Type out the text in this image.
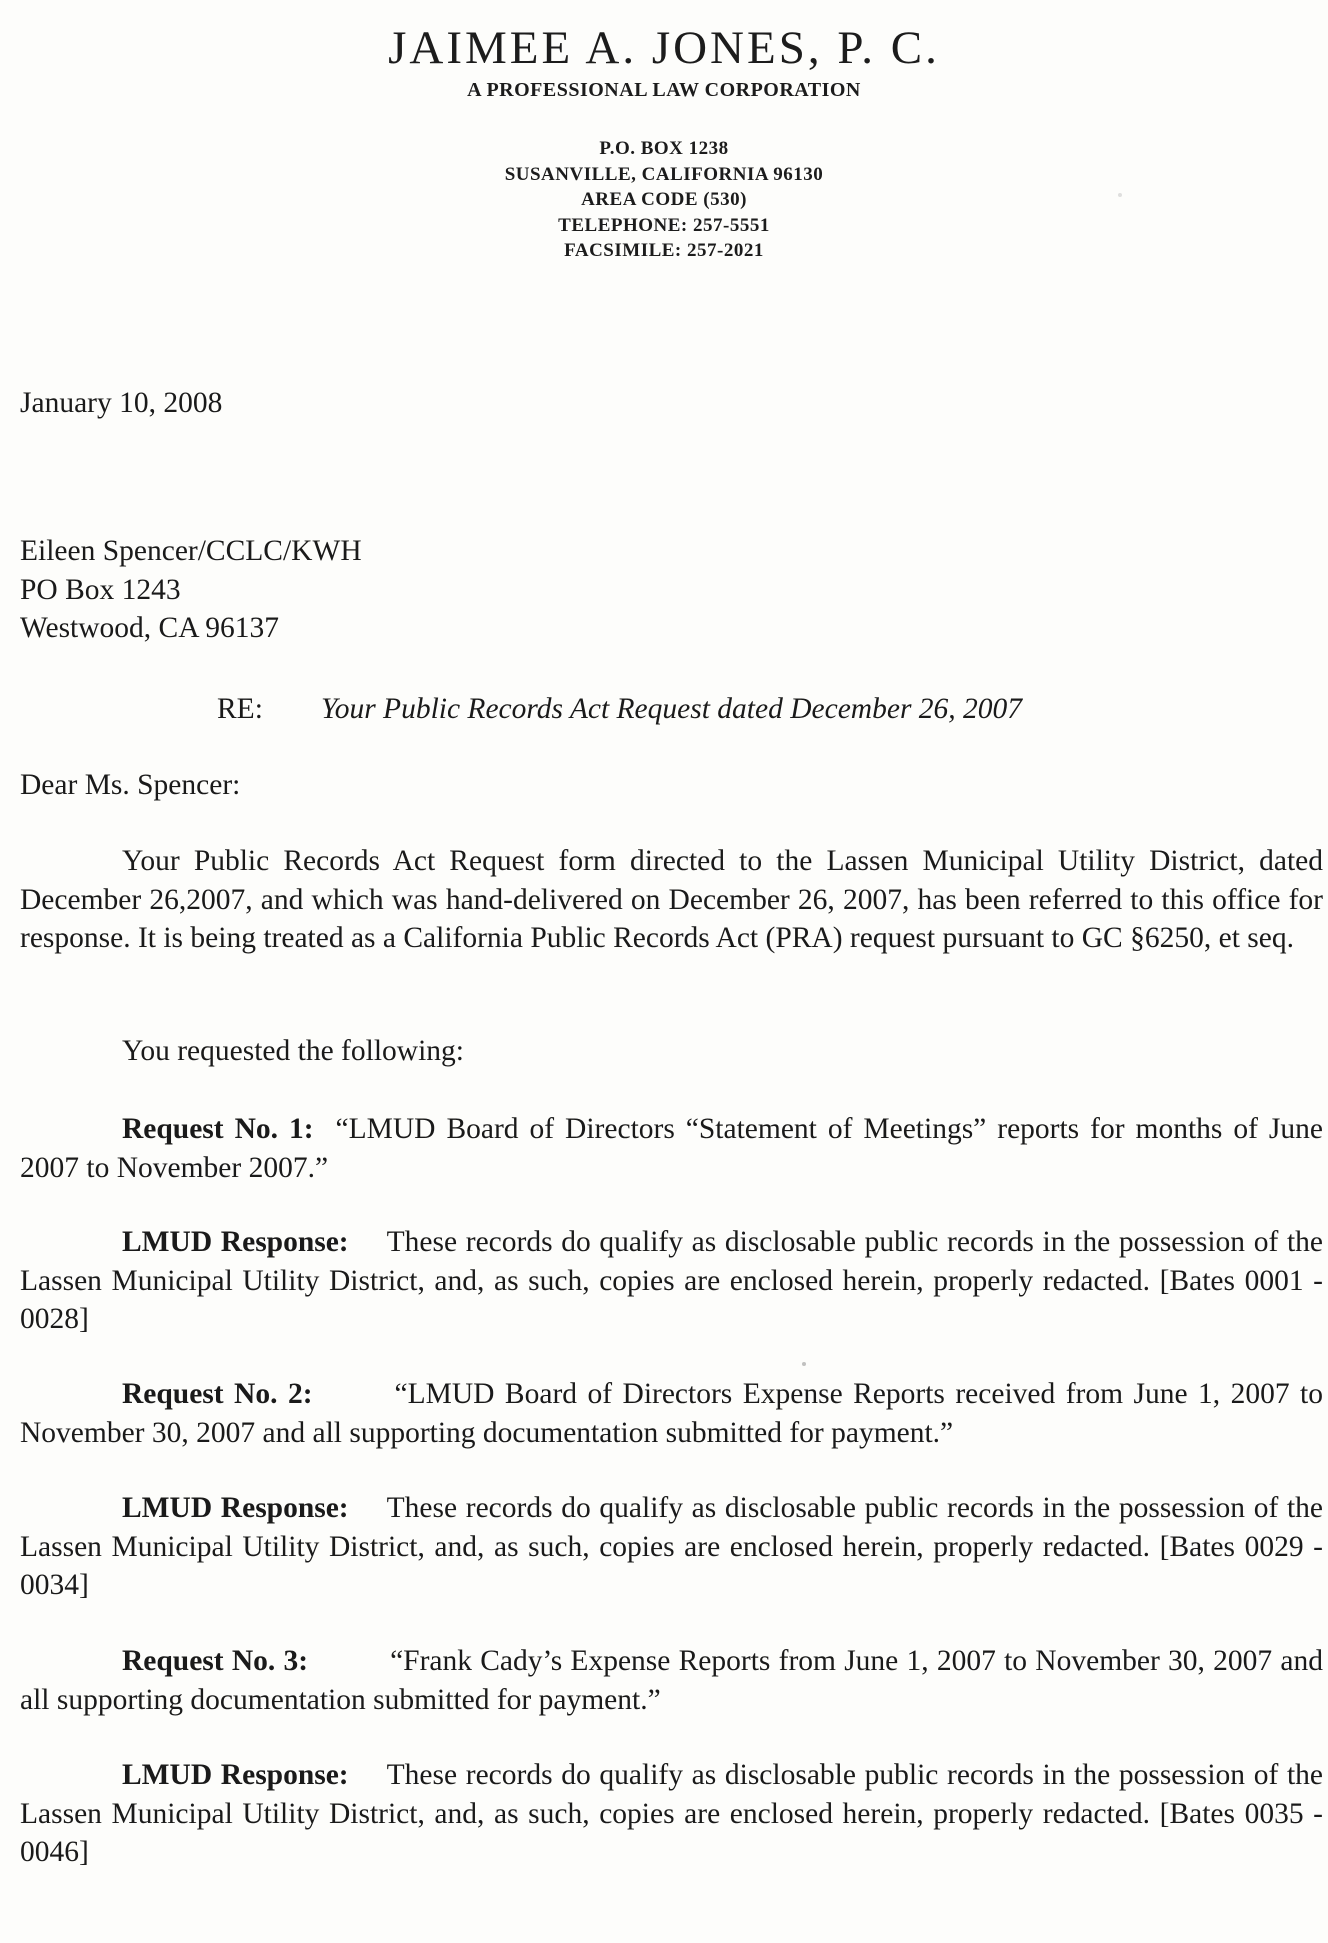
JAIMEE A. JONES, P. C.
A PROFESSIONAL LAW CORPORATION
P.O. BOX 1238
SUSANVILLE, CALIFORNIA 96130
AREA CODE (530)
TELEPHONE: 257-5551
FACSIMILE: 257-2021
January 10, 2008
Eileen Spencer/CCLC/KWH
PO Box 1243
Westwood, CA 96137
RE: Your Public Records Act Request dated December 26, 2007
Dear Ms. Spencer:
Your Public Records Act Request form directed to the Lassen Municipal Utility District, dated December 26,2007, and which was hand-delivered on December 26, 2007, has been referred to this office for response. It is being treated as a California Public Records Act (PRA) request pursuant to GC §6250, et seq.
You requested the following:
Request No. 1: “LMUD Board of Directors “Statement of Meetings” reports for months of June 2007 to November 2007.”
LMUD Response: These records do qualify as disclosable public records in the possession of the Lassen Municipal Utility District, and, as such, copies are enclosed herein, properly redacted. [Bates 0001 - 0028]
Request No. 2:	“LMUD Board of Directors Expense Reports received from June 1, 2007 to November 30, 2007 and all supporting documentation submitted for payment.”
LMUD Response: These records do qualify as disclosable public records in the possession of the Lassen Municipal Utility District, and, as such, copies are enclosed herein, properly redacted. [Bates 0029 - 0034]
Request No. 3:	“Frank Cady’s Expense Reports from June 1, 2007 to November 30, 2007 and all supporting documentation submitted for payment.”
LMUD Response: These records do qualify as disclosable public records in the possession of the Lassen Municipal Utility District, and, as such, copies are enclosed herein, properly redacted. [Bates 0035 - 0046]
